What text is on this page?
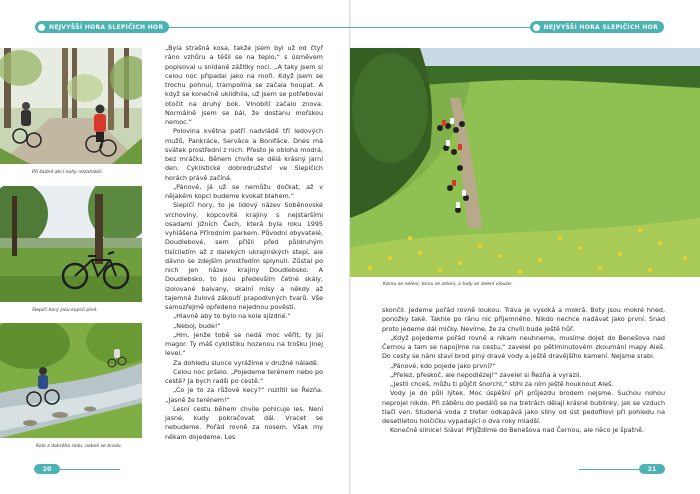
NEJVYŠŠÍ HORA SLEPIČÍCH HOR	NEJVYŠŠÍ HORA SLEPIČÍCH HOR
Při žádné akci nohy nezaháleli.
Slepičí hory jsou kopců plné.
Kolo z dobrého rodu, neboli se brodu.

„Byla strašná kosa, takže jsem byl už od čtyř ráno vzhůru a těšil se na teplo,“ s úsměvem popisoval u snídaně zážitky noci. „A taky jsem si celou noc připadal jako na moři. Když jsem se trochu pohnul, trampolína se začala houpat. A když se konečně ukliďnila, už jsem se potřeboval otočit na druhý bok. Vlnobití začalo znova. Normálně jsem se bál, že dostanu mořskou nemoc.“

Polovina května patří nadvládě tří ledových mužů, Pankráce, Serváce a Bonifáce. Dnes má svátek prostřední z nich. Přesto je obloha modrá, bez mráčku. Během chvíle se dělá krásný jarní den. Cyklistické dobrodružství ve Slepičích horách právě začíná.

„Pánové, já už se nemůžu dočkat, až v nějakém kopci budeme kvokat blahem.“

Slepičí hory, to je lidový název Soběnovské vrchoviny, kopcovité krajiny s nejstaršími osadami jižních Čech, která byla roku 1995 vyhlášena Přírodním parkem. Původní obyvatelé, Doudlebové, sem přišli před půldruhým tisíciletím až z dalekých ukrajinských stepí, ale dávno se zdejším prostředím splynuli. Zůstal po nich jen název krajiny Doudlebsko. A Doudlebsko, to jsou především četné skály, izolované balvany, skalní mísy a někdy až tajemná žulová zákoutí prapodivných tvarů. Vše samozřejmě opředeno nejednou pověstí.

„Hlavně aby to bylo na kole sjízdné.“

„Neboj, bude!“

„Hm, jenže tobě se nedá moc věřit, ty jsi magor. Ty máš cyklistiku hozenou na trošku jinej level.“

Za dohledu slunce vyrážíme v družné náladě.

Celou noc pršelo. „Pojedeme terénem nebo po cestě? Ja bych radši po cestě.“

„Co je to za růžové kecy?“ rozlítil se Řezňa. „Jasně že terénem!“

Lesní cestu během chvíle pohlcuje les. Není jasné, kudy pokračovat dál. Vracet se nebudeme. Pořád rovně za nosem. Však my někam dojedeme. Les

Kornu se nelení, tomu se zelení, a tady se zelení vlouze.

skončil. Jedeme pořád rovně loukou. Tráva je vysoká a mokrá. Boty jsou mokré hned, ponožky také. Takhle po ránu nic příjemného. Nikdo nechce nadávat jako první. Snad proto jedeme dál mlčky. Nevíme, že za chvíli bude ještě hůř.

„Když pojedeme pořád rovně a nikam neuhneme, musíme dojet do Benešova nad Černou a tam se napojíme na cestu,“ zavelel po pětiminutovém zkoumání mapy Aleš. Do cesty se nám staví brod plný dravé vody a ještě dravějšího kamení. Nejsme srabi.

„Pánové, kdo pojede jako první?“

„Přelez, přeskoč, ale nepodlézej!“ zavelel si Řezňa a vyrazil.

„Jestli chceš, můžu ti půjčit šnorchl,“ stihl za ním ještě houknout Aleš.

Vody je do půli lýtek. Moc úspěšní při průjezdu brodem nejsme. Suchou nohou neprojel nikdo. Při záběru do pedálů se na tretrách dělají krásné bublinky, jak se vzduch tlačí ven. Studená voda z treter odkapává jako sliny od úst pedofilovi při pohledu na desetiletou holčičku vypadající o dva roky mladší.

Konečně silnice! Sláva! Přijíždíme do Benešova nad Černou, ale něco je špatně.

20	21
